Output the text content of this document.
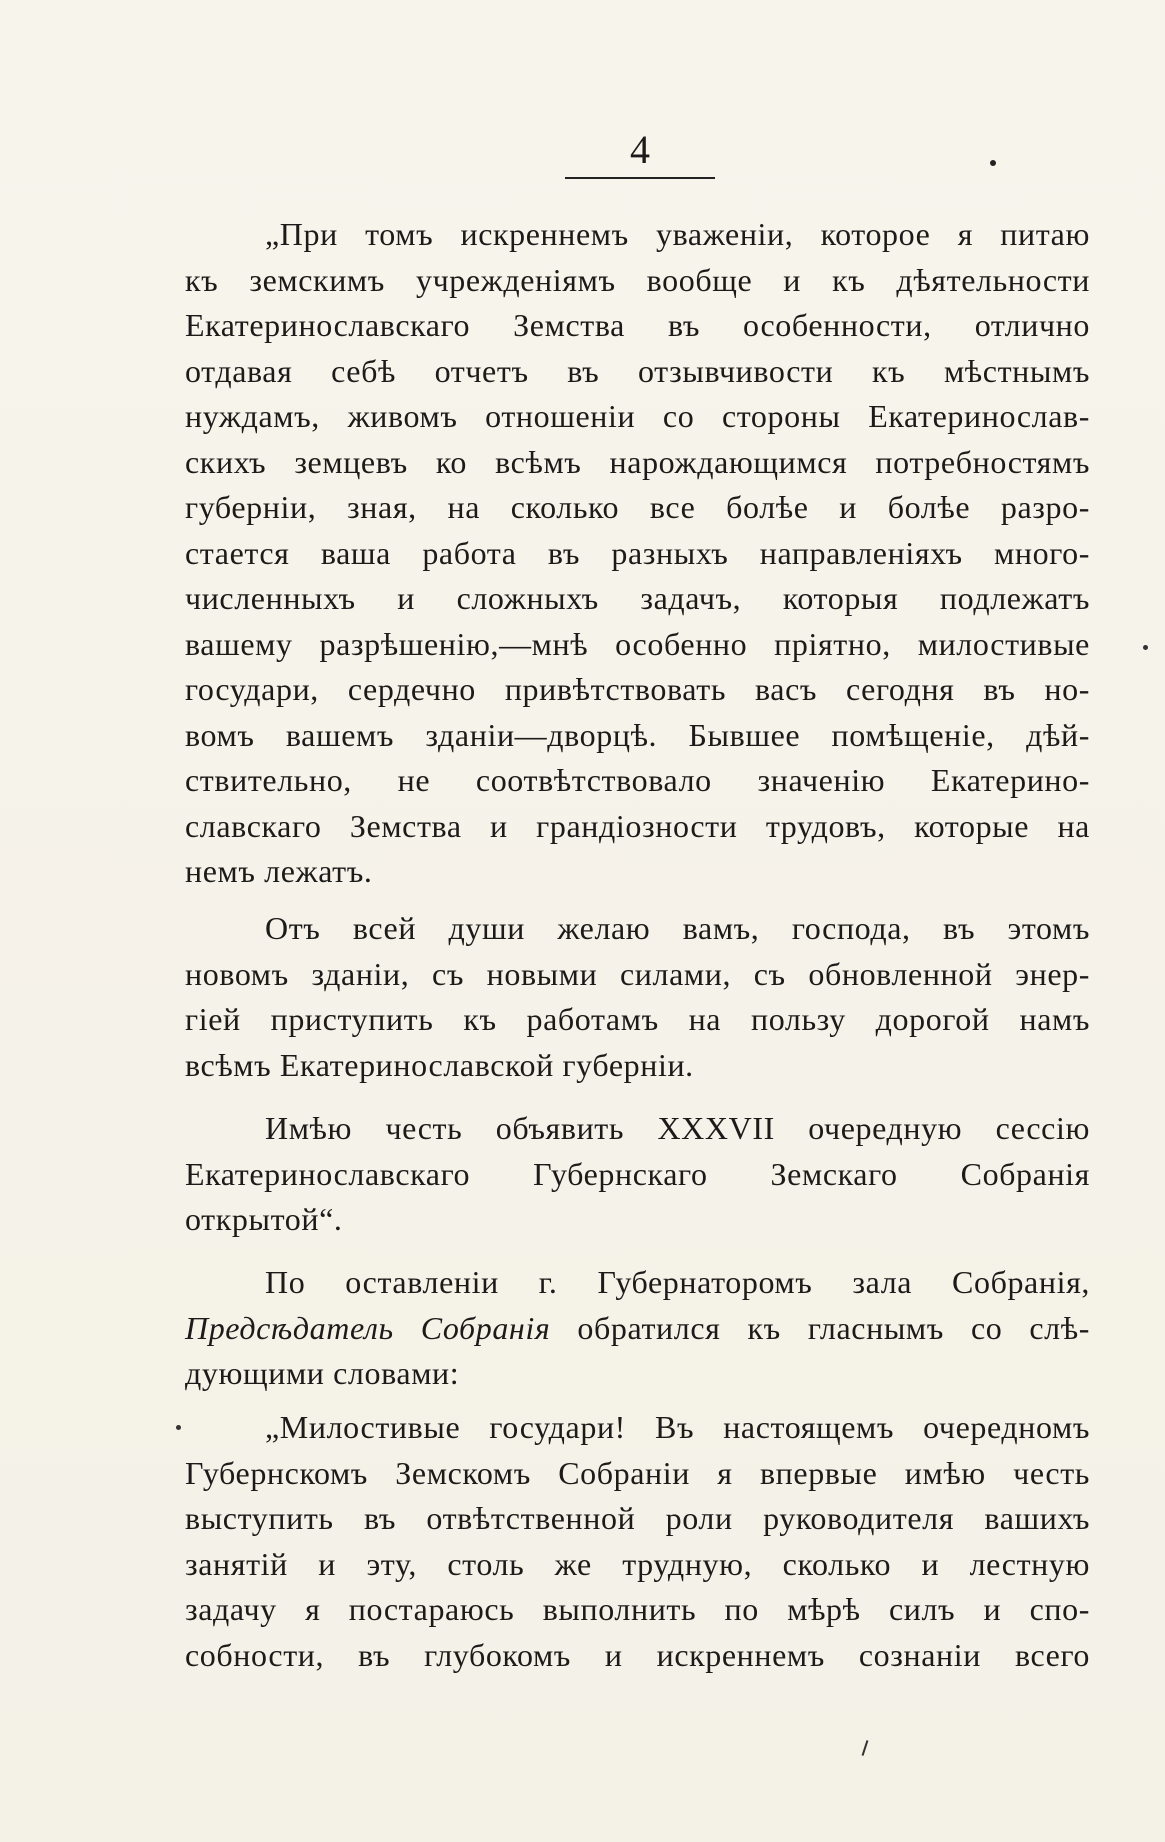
4
„При томъ искреннемъ уваженіи, которое я питаю
къ земскимъ учрежденіямъ вообще и къ дѣятельности
Екатеринославскаго Земства въ особенности, отлично
отдавая себѣ отчетъ въ отзывчивости къ мѣстнымъ
нуждамъ, живомъ отношеніи со стороны Екатеринослав-
скихъ земцевъ ко всѣмъ нарождающимся потребностямъ
губерніи, зная, на сколько все болѣе и болѣе разро-
стается ваша работа въ разныхъ направленіяхъ много-
численныхъ и сложныхъ задачъ, которыя подлежатъ
вашему разрѣшенію,—мнѣ особенно пріятно, милостивые
государи, сердечно привѣтствовать васъ сегодня въ но-
вомъ вашемъ зданіи—дворцѣ. Бывшее помѣщеніе, дѣй-
ствительно, не соотвѣтствовало значенію Екатерино-
славскаго Земства и грандіозности трудовъ, которые на
немъ лежатъ.
Отъ всей души желаю вамъ, господа, въ этомъ
новомъ зданіи, съ новыми силами, съ обновленной энер-
гіей приступить къ работамъ на пользу дорогой намъ
всѣмъ Екатеринославской губерніи.
Имѣю честь объявить XXXVII очередную сессію
Екатеринославскаго Губернскаго Земскаго Собранія
открытой“.
По оставленіи г. Губернаторомъ зала Собранія,
Предсѣдатель Собранія обратился къ гласнымъ со слѣ-
дующими словами:
„Милостивые государи! Въ настоящемъ очередномъ
Губернскомъ Земскомъ Собраніи я впервые имѣю честь
выступить въ отвѣтственной роли руководителя вашихъ
занятій и эту, столь же трудную, сколько и лестную
задачу я постараюсь выполнить по мѣрѣ силъ и спо-
собности, въ глубокомъ и искреннемъ сознаніи всего
